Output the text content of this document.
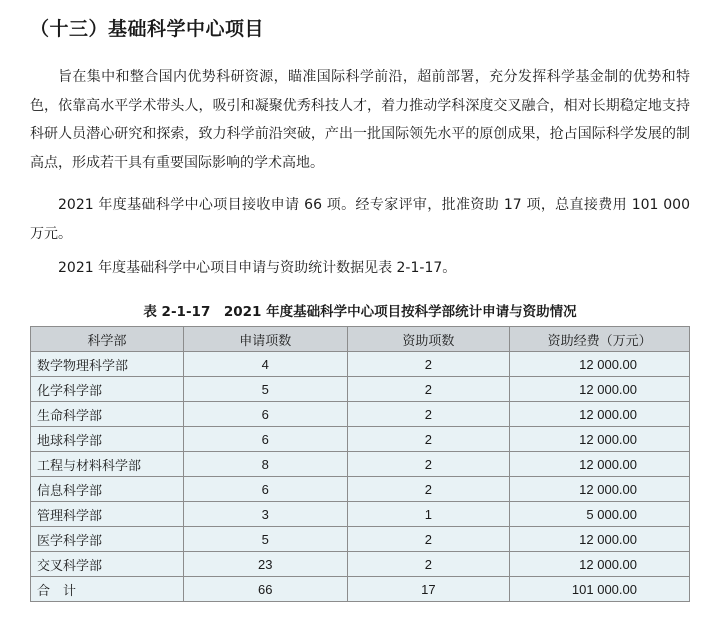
（十三）基础科学中心项目

旨在集中和整合国内优势科研资源，瞄准国际科学前沿，超前部署，充分发挥科学基金制的优势和特色，依靠高水平学术带头人，吸引和凝聚优秀科技人才，着力推动学科深度交叉融合，相对长期稳定地支持科研人员潜心研究和探索，致力科学前沿突破，产出一批国际领先水平的原创成果，抢占国际科学发展的制高点，形成若干具有重要国际影响的学术高地。

2021 年度基础科学中心项目接收申请 66 项。经专家评审，批准资助 17 项，总直接费用 101 000 万元。

2021 年度基础科学中心项目申请与资助统计数据见表 2-1-17。

表 2-1-17　2021 年度基础科学中心项目按科学部统计申请与资助情况
科学部	申请项数	资助项数	资助经费（万元）
数学物理科学部	4	2	12 000.00
化学科学部	5	2	12 000.00
生命科学部	6	2	12 000.00
地球科学部	6	2	12 000.00
工程与材料科学部	8	2	12 000.00
信息科学部	6	2	12 000.00
管理科学部	3	1	5 000.00
医学科学部	5	2	12 000.00
交叉科学部	23	2	12 000.00
合　计	66	17	101 000.00
